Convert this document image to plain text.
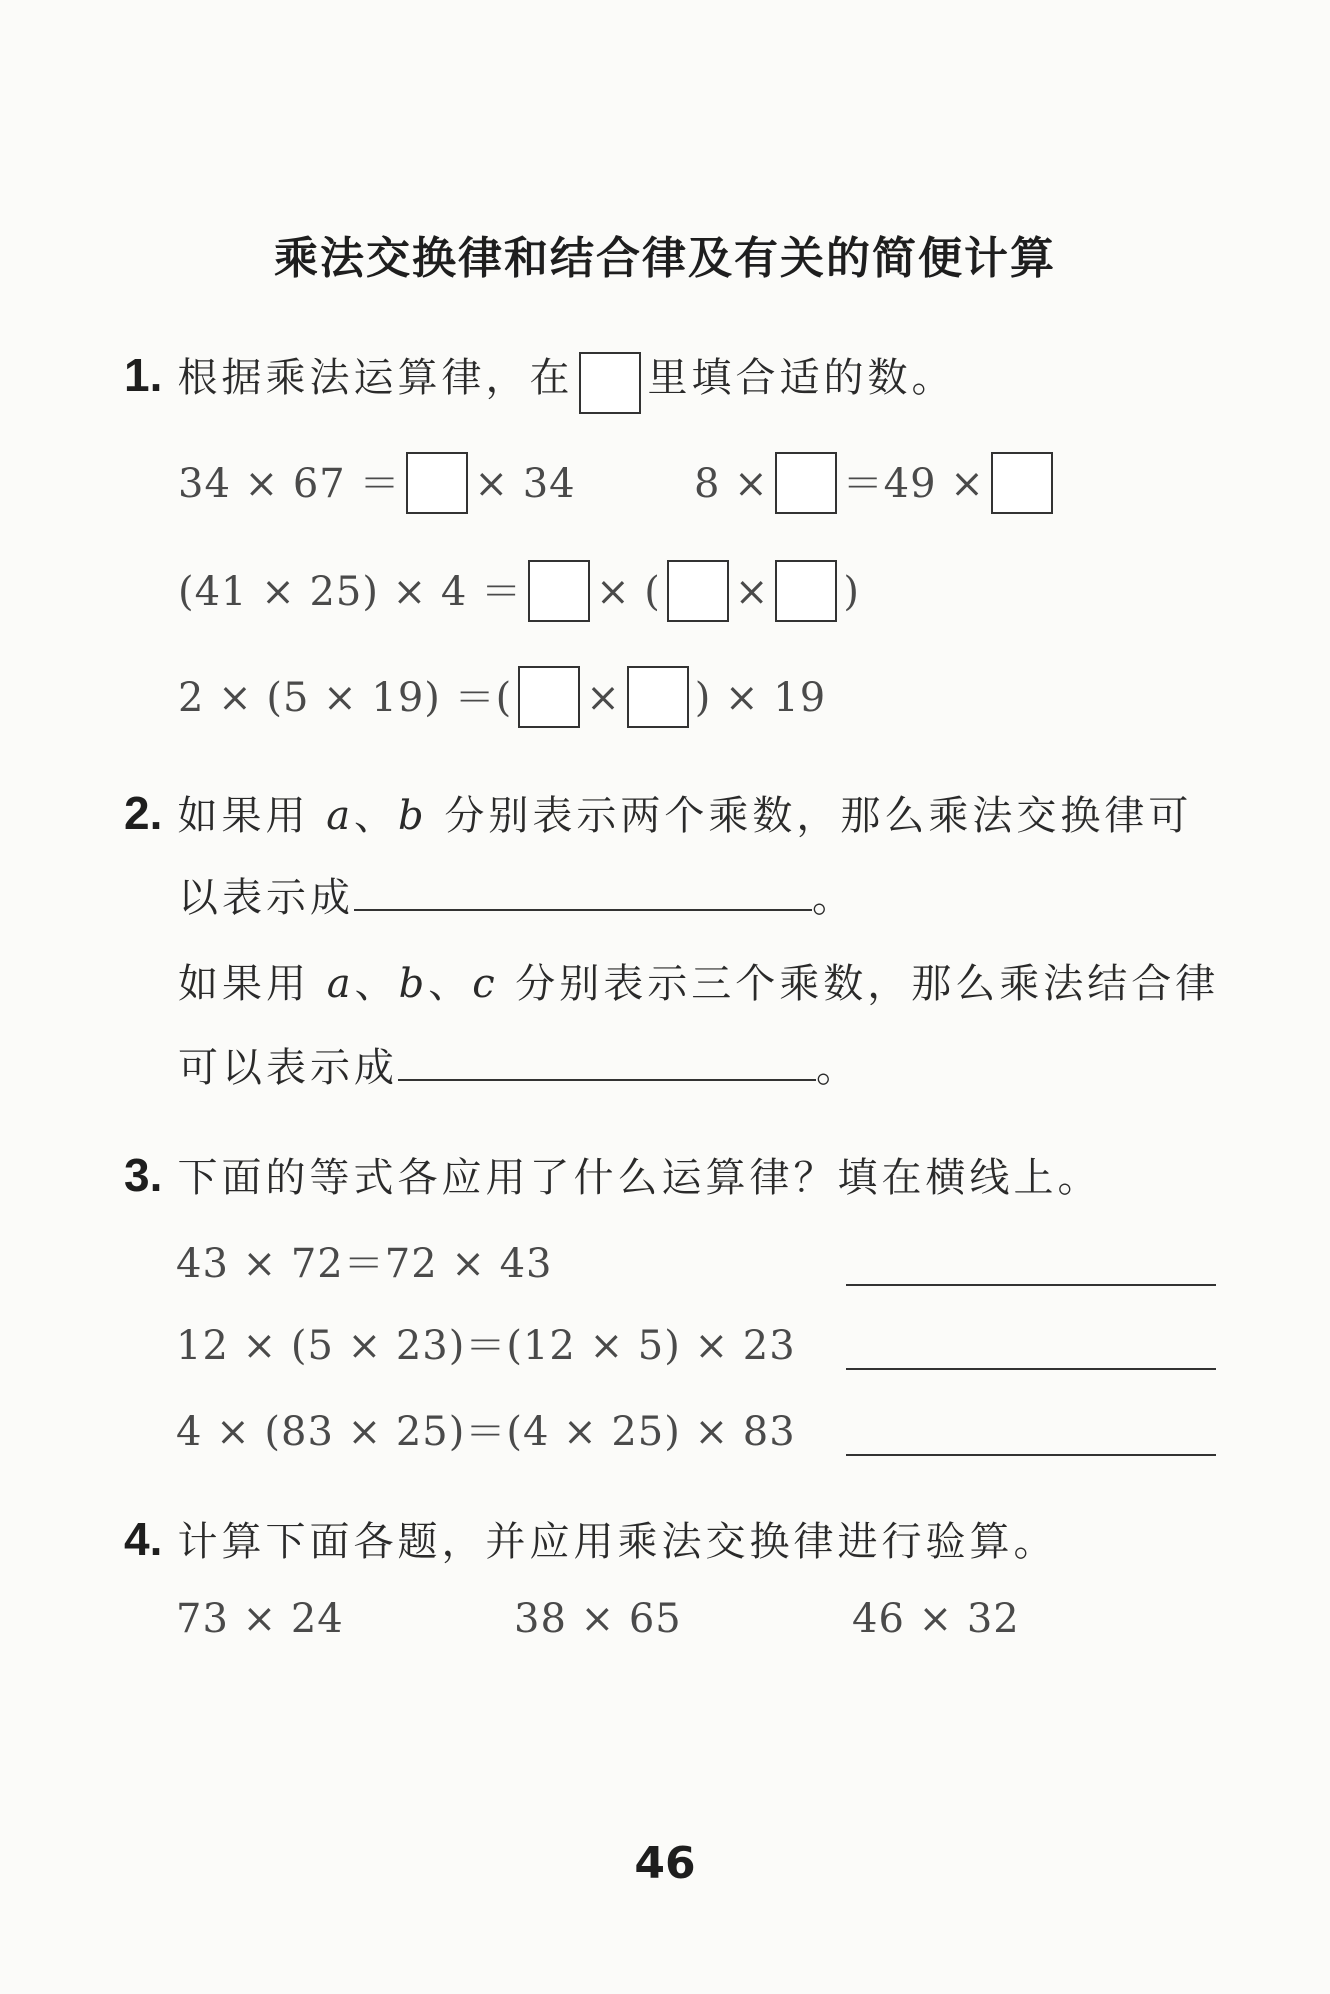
乘法交换律和结合律及有关的简便计算
1. 根据乘法运算律，在 里填合适的数。
34 × 67 ＝ × 34	8 × ＝49 ×
(41 × 25) × 4 ＝ × ( × )
2 × (5 × 19) ＝( × ) × 19
2. 如果用 a、b 分别表示两个乘数，那么乘法交换律可
以表示成	。
如果用 a、b、c 分别表示三个乘数，那么乘法结合律
可以表示成	。
3. 下面的等式各应用了什么运算律？填在横线上。
43 × 72＝72 × 43
12 × (5 × 23)＝(12 × 5) × 23
4 × (83 × 25)＝(4 × 25) × 83
4. 计算下面各题，并应用乘法交换律进行验算。
73 × 24	38 × 65	46 × 32
46
